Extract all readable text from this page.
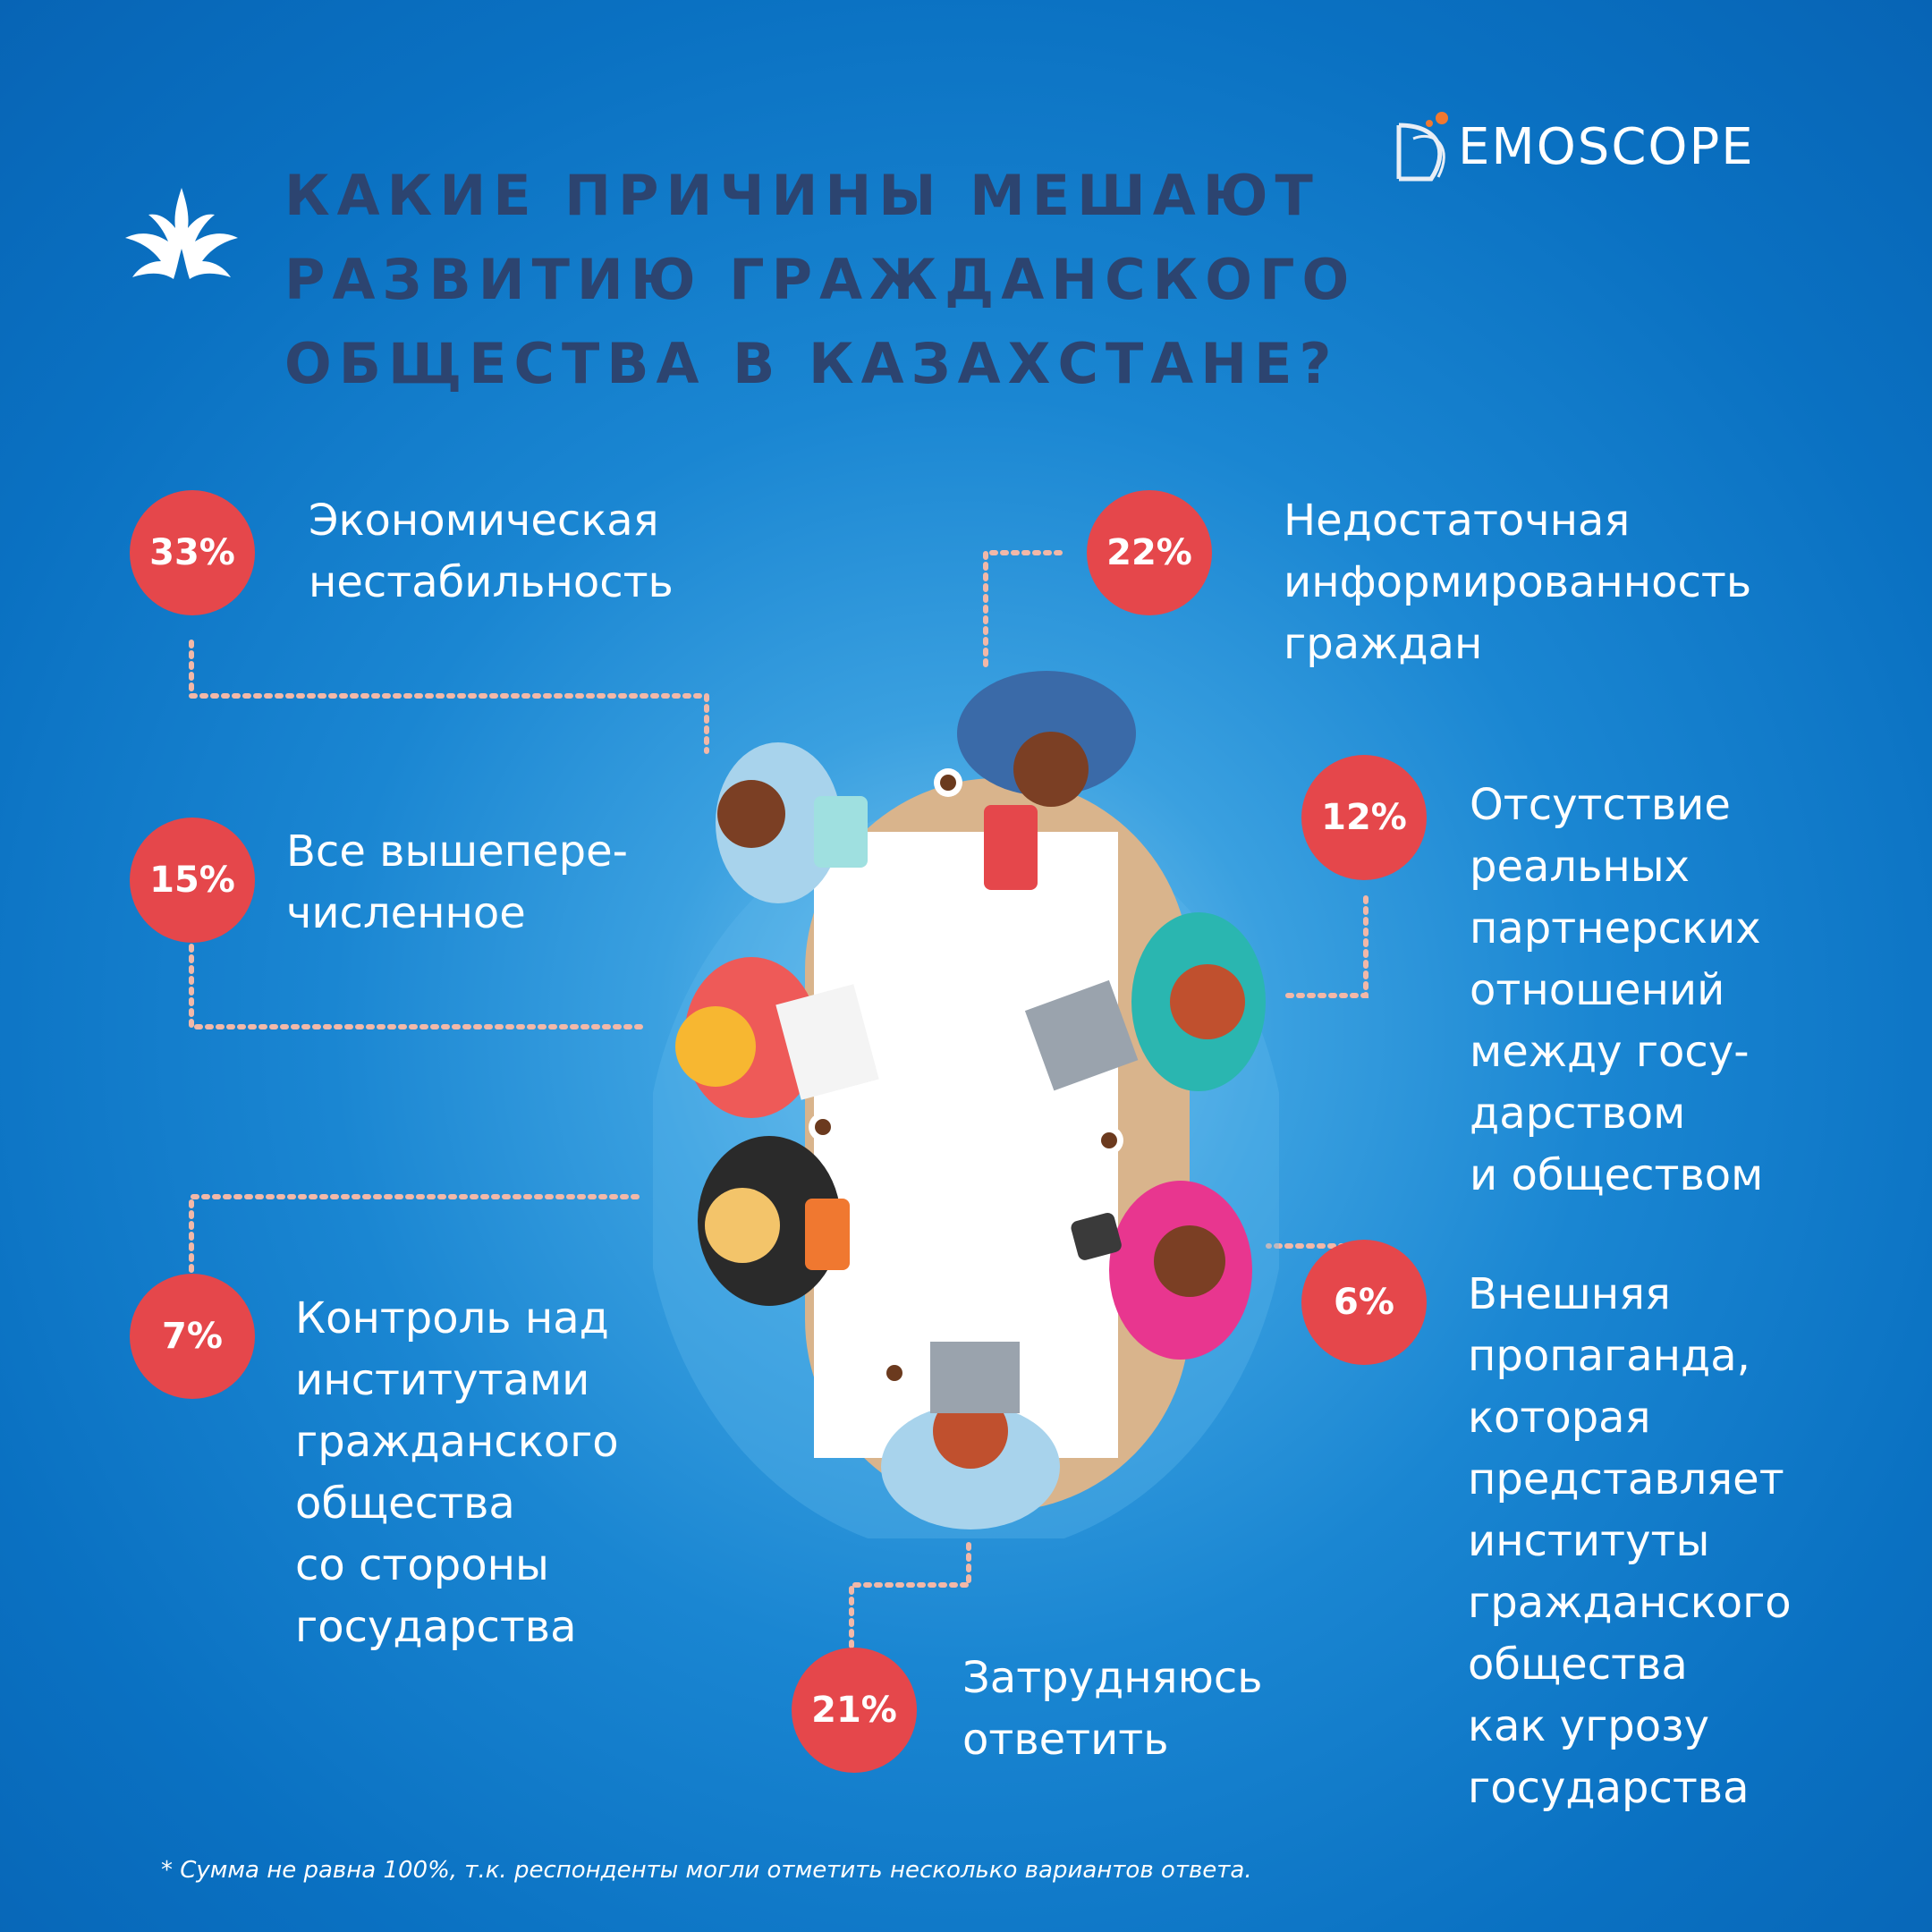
КАКИЕ ПРИЧИНЫ МЕШАЮТ
РАЗВИТИЮ ГРАЖДАНСКОГО
ОБЩЕСТВА В КАЗАХСТАНЕ?
EMOSCOPE
33%

Экономическая
нестабильность

22%

Недостаточная
информированность
граждан

15%

Все вышепере-
численное

12%	Отсутствие
реальных
партнерских
отношений
между госу-
дарством
и обществом

7%	Контроль над
институтами
гражданского
общества
со стороны
государства

6%	Внешняя
пропаганда,
которая
представляет
институты
гражданского
общества
как угрозу
государства

21%

Затрудняюсь
ответить

* Сумма не равна 100%, т.к. респонденты могли отметить несколько вариантов ответа.
